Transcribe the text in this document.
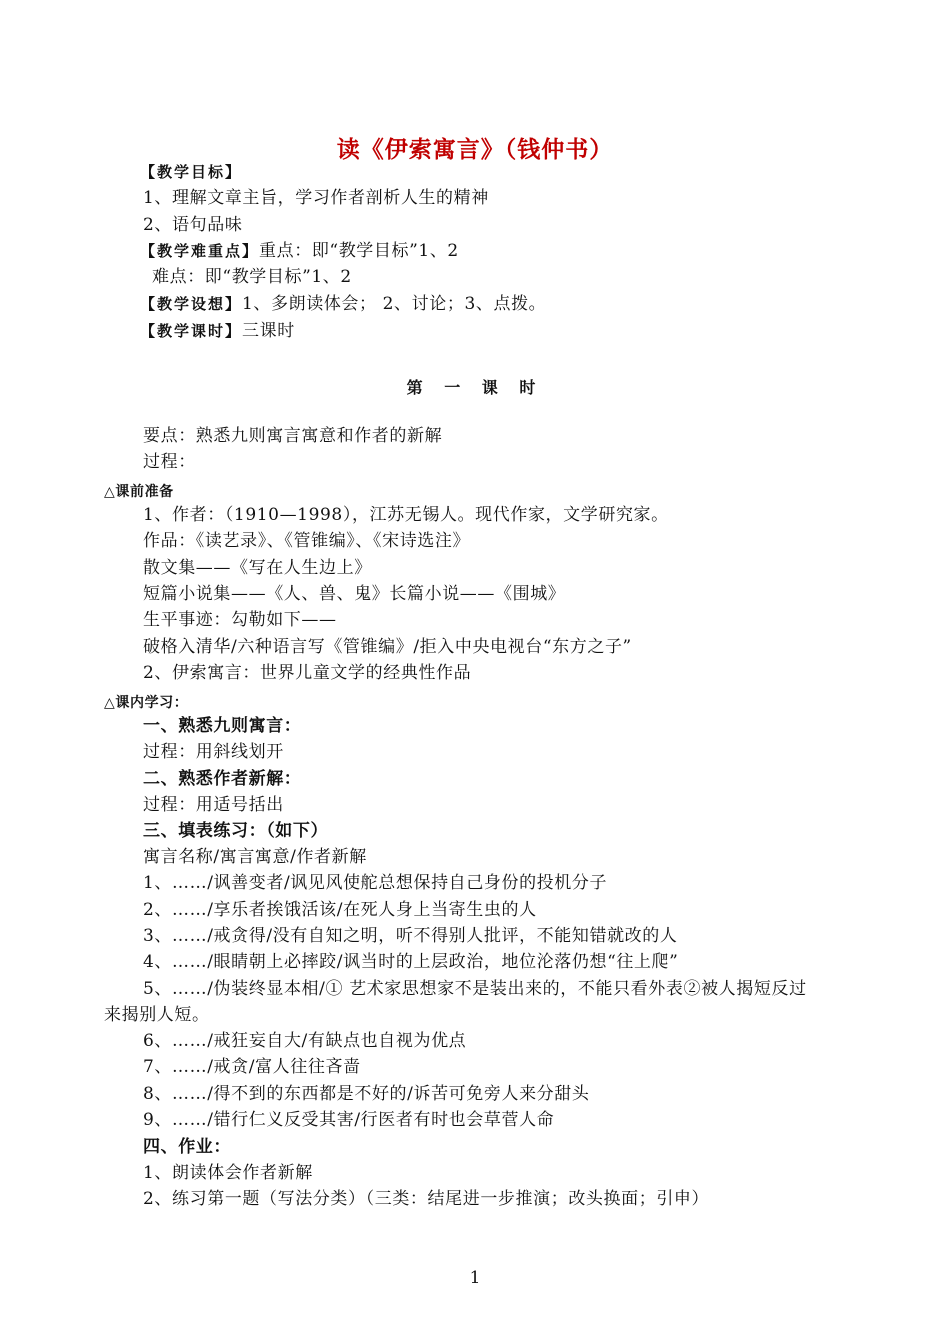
读《伊索寓言》（钱仲书）
【教学目标】
1、理解文章主旨，学习作者剖析人生的精神
2、语句品味
【教学难重点】重点：即“教学目标”1、2
难点：即“教学目标”1、2
【教学设想】1、多朗读体会； 2、讨论；3、点拨。
【教学课时】三课时
第 一 课 时
要点：熟悉九则寓言寓意和作者的新解
过程：
△课前准备
1、作者：（1910—1998），江苏无锡人。现代作家，文学研究家。
作品：《读艺录》、《管锥编》、《宋诗选注》
散文集——《写在人生边上》
短篇小说集——《人、兽、鬼》长篇小说——《围城》
生平事迹：勾勒如下——
破格入清华/六种语言写《管锥编》/拒入中央电视台“东方之子”
2、伊索寓言：世界儿童文学的经典性作品
△课内学习：
一、熟悉九则寓言：
过程：用斜线划开
二、熟悉作者新解：
过程：用适号括出
三、填表练习：（如下）
寓言名称/寓言寓意/作者新解
1、……/讽善变者/讽见风使舵总想保持自己身份的投机分子
2、……/享乐者挨饿活该/在死人身上当寄生虫的人
3、……/戒贪得/没有自知之明，听不得别人批评，不能知错就改的人
4、……/眼睛朝上必摔跤/讽当时的上层政治，地位沦落仍想“往上爬”
5、……/伪装终显本相/① 艺术家思想家不是装出来的，不能只看外表②被人揭短反过
来揭别人短。
6、……/戒狂妄自大/有缺点也自视为优点
7、……/戒贪/富人往往吝啬
8、……/得不到的东西都是不好的/诉苦可免旁人来分甜头
9、……/错行仁义反受其害/行医者有时也会草菅人命
四、作业：
1、朗读体会作者新解
2、练习第一题（写法分类）（三类：结尾进一步推演；改头换面；引申）
1
